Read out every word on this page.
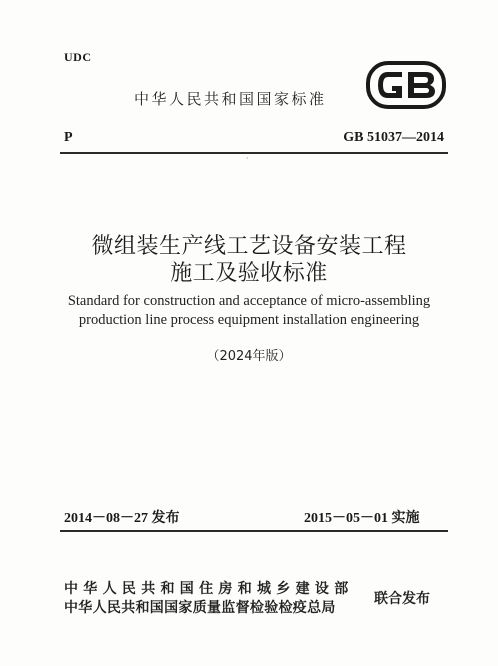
UDC
中华人民共和国国家标准
P	GB 51037—2014
·
微组装生产线工艺设备安装工程
施工及验收标准
Standard for construction and acceptance of micro-assembling
production line process equipment installation engineering
（2024年版）
2014－08－27 发布	2015－05－01 实施
中华人民共和国住房和城乡建设部
中华人民共和国国家质量监督检验检疫总局
联合发布
